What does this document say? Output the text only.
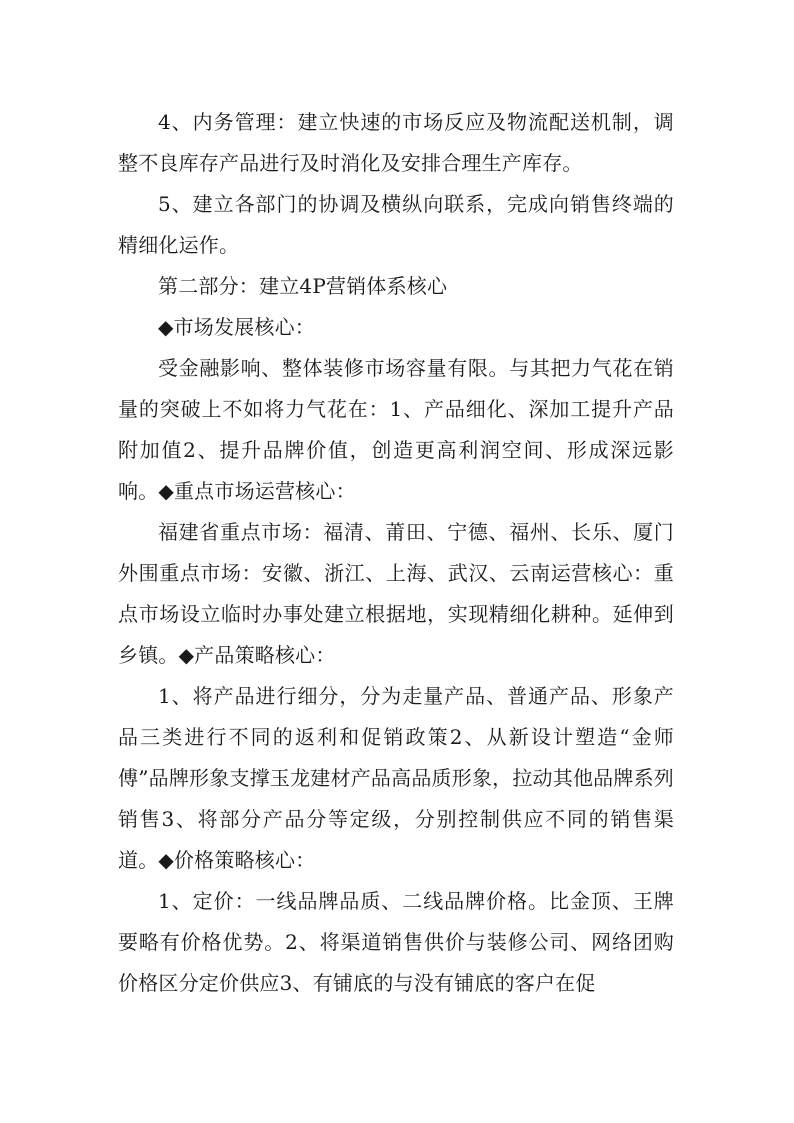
4、内务管理：建立快速的市场反应及物流配送机制，调整不良库存产品进行及时消化及安排合理生产库存。

5、建立各部门的协调及横纵向联系，完成向销售终端的精细化运作。

第二部分：建立4P营销体系核心

◆市场发展核心：

受金融影响、整体装修市场容量有限。与其把力气花在销量的突破上不如将力气花在：1、产品细化、深加工提升产品附加值2、提升品牌价值，创造更高利润空间、形成深远影响。◆重点市场运营核心：

福建省重点市场：福清、莆田、宁德、福州、长乐、厦门外围重点市场：安徽、浙江、上海、武汉、云南运营核心：重点市场设立临时办事处建立根据地，实现精细化耕种。延伸到乡镇。◆产品策略核心：

1、将产品进行细分，分为走量产品、普通产品、形象产品三类进行不同的返利和促销政策2、从新设计塑造“金师傅”品牌形象支撑玉龙建材产品高品质形象，拉动其他品牌系列销售3、将部分产品分等定级，分别控制供应不同的销售渠道。◆价格策略核心：

1、定价：一线品牌品质、二线品牌价格。比金顶、王牌要略有价格优势。2、将渠道销售供价与装修公司、网络团购价格区分定价供应3、有铺底的与没有铺底的客户在促
